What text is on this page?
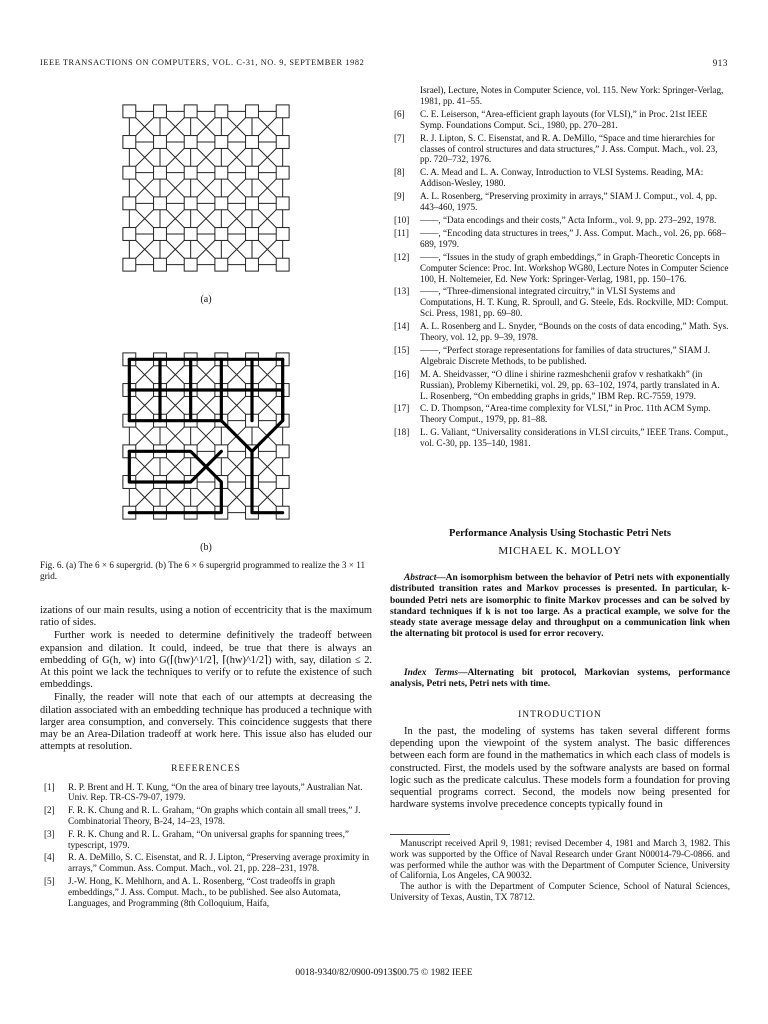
IEEE TRANSACTIONS ON COMPUTERS, VOL. C-31, NO. 9, SEPTEMBER 1982	913
(a)
(b)
Fig. 6. (a) The 6 × 6 supergrid. (b) The 6 × 6 supergrid programmed to realize the 3 × 11 grid.

izations of our main results, using a notion of eccentricity that is the maximum ratio of sides.

Further work is needed to determine definitively the tradeoff between expansion and dilation. It could, indeed, be true that there is always an embedding of G(h, w) into G(⌈(hw)^1/2⌉, ⌈(hw)^1/2⌉) with, say, dilation ≤ 2. At this point we lack the techniques to verify or to refute the existence of such embeddings.

Finally, the reader will note that each of our attempts at decreasing the dilation associated with an embedding technique has produced a technique with larger area consumption, and conversely. This coincidence suggests that there may be an Area-Dilation tradeoff at work here. This issue also has eluded our attempts at resolution.

REFERENCES
[1] R. P. Brent and H. T. Kung, “On the area of binary tree layouts,” Australian Nat. Univ. Rep. TR-CS-79-07, 1979.
[2] F. R. K. Chung and R. L. Graham, “On graphs which contain all small trees,” J. Combinatorial Theory, B-24, 14–23, 1978.
[3] F. R. K. Chung and R. L. Graham, “On universal graphs for spanning trees,” typescript, 1979.
[4] R. A. DeMillo, S. C. Eisenstat, and R. J. Lipton, “Preserving average proximity in arrays,” Commun. Ass. Comput. Mach., vol. 21, pp. 228–231, 1978.
[5] J.-W. Hong, K. Mehlhorn, and A. L. Rosenberg, “Cost tradeoffs in graph embeddings,” J. Ass. Comput. Mach., to be published. See also Automata, Languages, and Programming (8th Colloquium, Haifa,
Israel), Lecture, Notes in Computer Science, vol. 115. New York: Springer-Verlag, 1981, pp. 41–55.
[6] C. E. Leiserson, “Area-efficient graph layouts (for VLSI),” in Proc. 21st IEEE Symp. Foundations Comput. Sci., 1980, pp. 270–281.
[7] R. J. Lipton, S. C. Eisenstat, and R. A. DeMillo, “Space and time hierarchies for classes of control structures and data structures,” J. Ass. Comput. Mach., vol. 23, pp. 720–732, 1976.
[8] C. A. Mead and L. A. Conway, Introduction to VLSI Systems. Reading, MA: Addison-Wesley, 1980.
[9] A. L. Rosenberg, “Preserving proximity in arrays,” SIAM J. Comput., vol. 4, pp. 443–460, 1975.
[10] ——, “Data encodings and their costs,” Acta Inform., vol. 9, pp. 273–292, 1978.
[11] ——, “Encoding data structures in trees,” J. Ass. Comput. Mach., vol. 26, pp. 668–689, 1979.
[12] ——, “Issues in the study of graph embeddings,” in Graph-Theoretic Concepts in Computer Science: Proc. Int. Workshop WG80, Lecture Notes in Computer Science 100, H. Noltemeier, Ed. New York: Springer-Verlag, 1981, pp. 150–176.
[13] ——, “Three-dimensional integrated circuitry,” in VLSI Systems and Computations, H. T. Kung, R. Sproull, and G. Steele, Eds. Rockville, MD: Comput. Sci. Press, 1981, pp. 69–80.
[14] A. L. Rosenberg and L. Snyder, “Bounds on the costs of data encoding,” Math. Sys. Theory, vol. 12, pp. 9–39, 1978.
[15] ——, “Perfect storage representations for families of data structures,” SIAM J. Algebraic Discrete Methods, to be published.
[16] M. A. Sheidvasser, “O dline i shirine razmeshchenii grafov v reshatkakh” (in Russian), Problemy Kibernetiki, vol. 29, pp. 63–102, 1974, partly translated in A. L. Rosenberg, “On embedding graphs in grids,” IBM Rep. RC-7559, 1979.
[17] C. D. Thompson, “Area-time complexity for VLSI,” in Proc. 11th ACM Symp. Theory Comput., 1979, pp. 81–88.
[18] L. G. Valiant, “Universality considerations in VLSI circuits,” IEEE Trans. Comput., vol. C-30, pp. 135–140, 1981.
Performance Analysis Using Stochastic Petri Nets
MICHAEL K. MOLLOY
Abstract—An isomorphism between the behavior of Petri nets with exponentially distributed transition rates and Markov processes is presented. In particular, k-bounded Petri nets are isomorphic to finite Markov processes and can be solved by standard techniques if k is not too large. As a practical example, we solve for the steady state average message delay and throughput on a communication link when the alternating bit protocol is used for error recovery.
Index Terms—Alternating bit protocol, Markovian systems, performance analysis, Petri nets, Petri nets with time.
INTRODUCTION
In the past, the modeling of systems has taken several different forms depending upon the viewpoint of the system analyst. The basic differences between each form are found in the mathematics in which each class of models is constructed. First, the models used by the software analysts are based on formal logic such as the predicate calculus. These models form a foundation for proving sequential programs correct. Second, the models now being presented for hardware systems involve precedence concepts typically found in

Manuscript received April 9, 1981; revised December 4, 1981 and March 3, 1982. This work was supported by the Office of Naval Research under Grant N00014-79-C-0866. and was performed while the author was with the Department of Computer Science, University of California, Los Angeles, CA 90032.

The author is with the Department of Computer Science, School of Natural Sciences, University of Texas, Austin, TX 78712.

0018-9340/82/0900-0913$00.75 © 1982 IEEE
